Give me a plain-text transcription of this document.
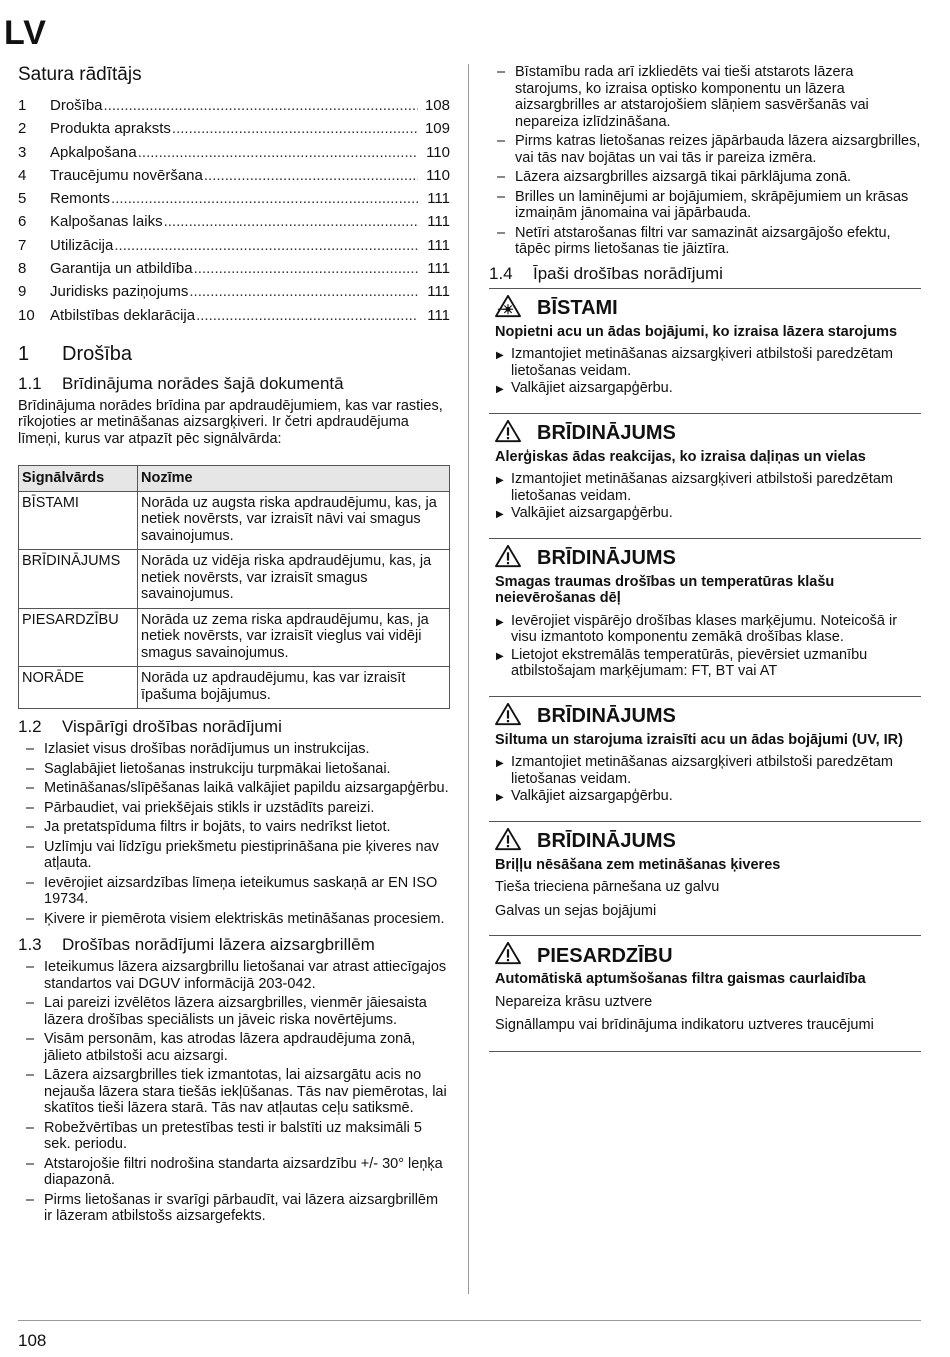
LV
Satura rādītājs
1	Drošība .....	108
2	Produkta apraksts .....	109
3	Apkalpošana .....	110
4	Traucējumu novēršana .....	110
5	Remonts .....	111
6	Kalpošanas laiks .....	111
7	Utilizācija .....	111
8	Garantija un atbildība .....	111
9	Juridisks paziņojums .....	111
10	Atbilstības deklarācija .....	111
1	Drošība
1.1	Brīdinājuma norādes šajā dokumentā

Brīdinājuma norādes brīdina par apdraudējumiem, kas var rasties, rīkojoties ar metināšanas aizsargķiveri. Ir četri apdraudējuma līmeņi, kurus var atpazīt pēc signālvārda:

Signālvārds	Nozīme
BĪSTAMI	Norāda uz augsta riska apdraudējumu, kas, ja netiek novērsts, var izraisīt nāvi vai smagus savainojumus.
BRĪDINĀJUMS	Norāda uz vidēja riska apdraudējumu, kas, ja netiek novērsts, var izraisīt smagus savainojumus.
PIESARDZĪBU	Norāda uz zema riska apdraudējumu, kas, ja netiek novērsts, var izraisīt vieglus vai vidēji smagus savainojumus.
NORĀDE	Norāda uz apdraudējumu, kas var izraisīt īpašuma bojājumus.
1.2	Vispārīgi drošības norādījumi
– Izlasiet visus drošības norādījumus un instrukcijas.
– Saglabājiet lietošanas instrukciju turpmākai lietošanai.
– Metināšanas/slīpēšanas laikā valkājiet papildu aizsargapģērbu.
– Pārbaudiet, vai priekšējais stikls ir uzstādīts pareizi.
– Ja pretatspīduma filtrs ir bojāts, to vairs nedrīkst lietot.
– Uzlīmju vai līdzīgu priekšmetu piestiprināšana pie ķiveres nav atļauta.
– Ievērojiet aizsardzības līmeņa ieteikumus saskaņā ar EN ISO 19734.
– Ķivere ir piemērota visiem elektriskās metināšanas procesiem.
1.3	Drošības norādījumi lāzera aizsargbrillēm
– Ieteikumus lāzera aizsargbrillu lietošanai var atrast attiecīgajos standartos vai DGUV informācijā 203-042.
– Lai pareizi izvēlētos lāzera aizsargbrilles, vienmēr jāiesaista lāzera drošības speciālists un jāveic riska novērtējums.
– Visām personām, kas atrodas lāzera apdraudējuma zonā, jālieto atbilstoši acu aizsargi.
– Lāzera aizsargbrilles tiek izmantotas, lai aizsargātu acis no nejauša lāzera stara tiešās iekļūšanas. Tās nav piemērotas, lai skatītos tieši lāzera starā. Tās nav atļautas ceļu satiksmē.
– Robežvērtības un pretestības testi ir balstīti uz maksimāli 5 sek. periodu.
– Atstarojošie filtri nodrošina standarta aizsardzību +/- 30° leņķa diapazonā.
– Pirms lietošanas ir svarīgi pārbaudīt, vai lāzera aizsargbrillēm ir lāzeram atbilstošs aizsargefekts.
– Bīstamību rada arī izkliedēts vai tieši atstarots lāzera starojums, ko izraisa optisko komponentu un lāzera aizsargbrilles ar atstarojošiem slāņiem sasvēršanās vai nepareiza izlīdzināšana.
– Pirms katras lietošanas reizes jāpārbauda lāzera aizsargbrilles, vai tās nav bojātas un vai tās ir pareiza izmēra.
– Lāzera aizsargbrilles aizsargā tikai pārklājuma zonā.
– Brilles un laminējumi ar bojājumiem, skrāpējumiem un krāsas izmaiņām jānomaina vai jāpārbauda.
– Netīri atstarošanas filtri var samazināt aizsargājošo efektu, tāpēc pirms lietošanas tie jāiztīra.
1.4	Īpaši drošības norādījumi
BĪSTAMI
Nopietni acu un ādas bojājumi, ko izraisa lāzera starojums
▶ Izmantojiet metināšanas aizsargķiveri atbilstoši paredzētam lietošanas veidam.
▶ Valkājiet aizsargapģērbu.
BRĪDINĀJUMS
Alerģiskas ādas reakcijas, ko izraisa daļiņas un vielas
▶ Izmantojiet metināšanas aizsargķiveri atbilstoši paredzētam lietošanas veidam.
▶ Valkājiet aizsargapģērbu.
BRĪDINĀJUMS
Smagas traumas drošības un temperatūras klašu neievērošanas dēļ
▶ Ievērojiet vispārējo drošības klases marķējumu. Noteicošā ir visu izmantoto komponentu zemākā drošības klase.
▶ Lietojot ekstremālās temperatūrās, pievērsiet uzmanību atbilstošajam marķējumam: FT, BT vai AT
BRĪDINĀJUMS
Siltuma un starojuma izraisīti acu un ādas bojājumi (UV, IR)
▶ Izmantojiet metināšanas aizsargķiveri atbilstoši paredzētam lietošanas veidam.
▶ Valkājiet aizsargapģērbu.
BRĪDINĀJUMS
Briļļu nēsāšana zem metināšanas ķiveres
Tieša trieciena pārnešana uz galvu
Galvas un sejas bojājumi
PIESARDZĪBU
Automātiskā aptumšošanas filtra gaismas caurlaidība
Nepareiza krāsu uztvere
Signāllampu vai brīdinājuma indikatoru uztveres traucējumi
108
